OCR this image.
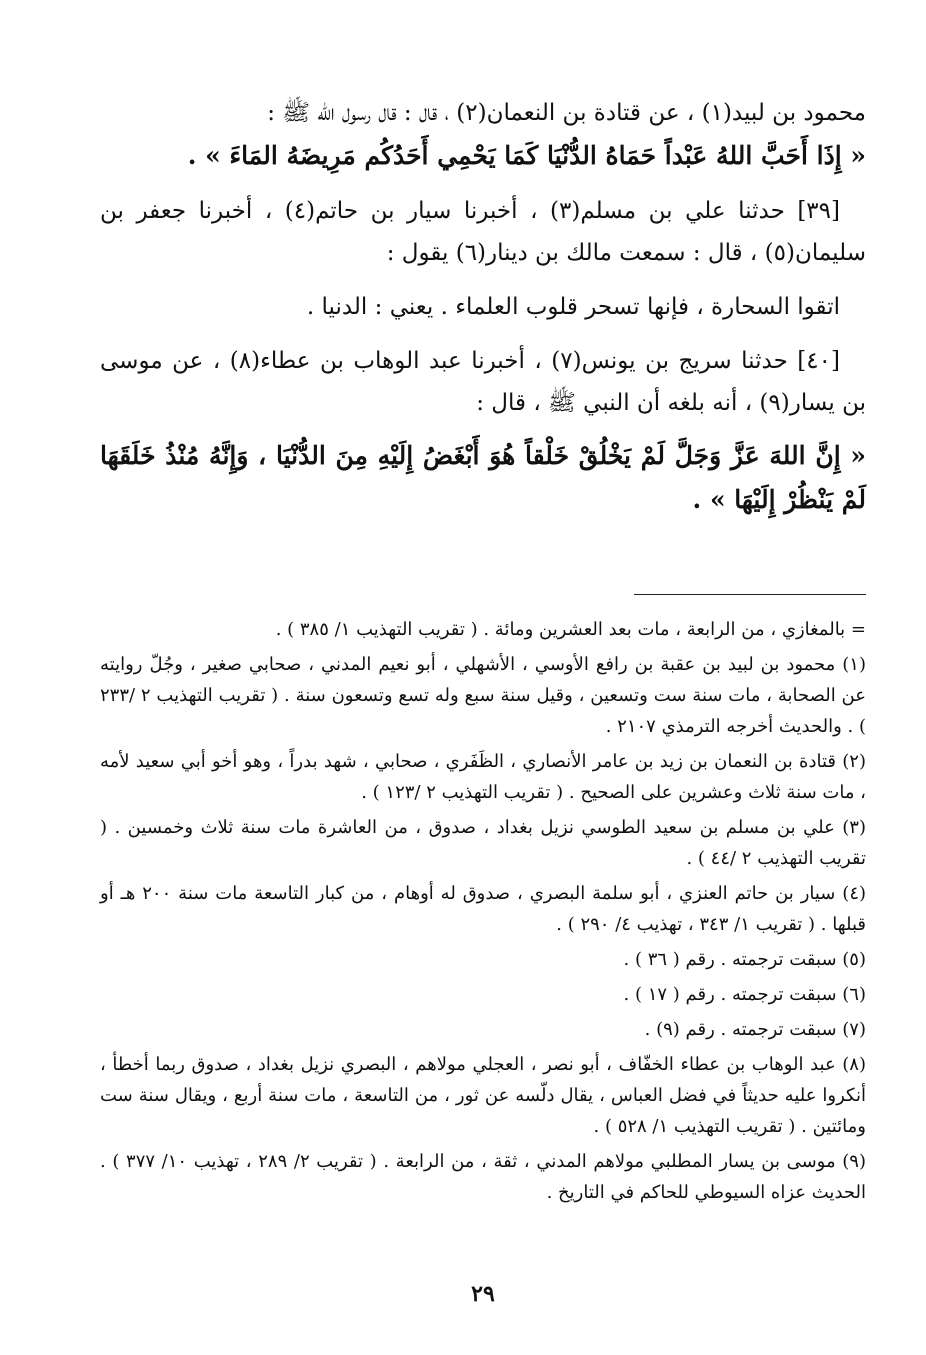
محمود بن لبيد(١) ، عن قتادة بن النعمان(٢) ، قال : قال رسول الله ﷺ :

« إِذَا أَحَبَّ اللهُ عَبْداً حَمَاهُ الدُّنْيَا كَمَا يَحْمِي أَحَدُكُم مَرِيضَهُ المَاءَ » .

[٣٩] حدثنا علي بن مسلم(٣) ، أخبرنا سيار بن حاتم(٤) ، أخبرنا جعفر بن سليمان(٥) ، قال : سمعت مالك بن دينار(٦) يقول :

اتقوا السحارة ، فإنها تسحر قلوب العلماء . يعني : الدنيا .

[٤٠] حدثنا سريج بن يونس(٧) ، أخبرنا عبد الوهاب بن عطاء(٨) ، عن موسى بن يسار(٩) ، أنه بلغه أن النبي ﷺ ، قال :

« إِنَّ اللهَ عَزَّ وَجَلَّ لَمْ يَخْلُقْ خَلْقاً هُوَ أَبْغَضُ إِلَيْهِ مِنَ الدُّنْيَا ، وَإِنَّهُ مُنْذُ خَلَقَهَا لَمْ يَنْظُرْ إِلَيْهَا » .

= بالمغازي ، من الرابعة ، مات بعد العشرين ومائة . ( تقريب التهذيب ١/ ٣٨٥ ) .

(١) محمود بن لبيد بن عقبة بن رافع الأوسي ، الأشهلي ، أبو نعيم المدني ، صحابي صغير ، وجُلّ روايته عن الصحابة ، مات سنة ست وتسعين ، وقيل سنة سبع وله تسع وتسعون سنة . ( تقريب التهذيب ٢ /٢٣٣ ) . والحديث أخرجه الترمذي ٢١٠٧ .

(٢) قتادة بن النعمان بن زيد بن عامر الأنصاري ، الظَفَري ، صحابي ، شهد بدراً ، وهو أخو أبي سعيد لأمه ، مات سنة ثلاث وعشرين على الصحيح . ( تقريب التهذيب ٢ /١٢٣ ) .

(٣) علي بن مسلم بن سعيد الطوسي نزيل بغداد ، صدوق ، من العاشرة مات سنة ثلاث وخمسين . ( تقريب التهذيب ٢ /٤٤ ) .

(٤) سيار بن حاتم العنزي ، أبو سلمة البصري ، صدوق له أوهام ، من كبار التاسعة مات سنة ٢٠٠ هـ أو قبلها . ( تقريب ١/ ٣٤٣ ، تهذيب ٤/ ٢٩٠ ) .

(٥) سبقت ترجمته . رقم ( ٣٦ ) .

(٦) سبقت ترجمته . رقم ( ١٧ ) .

(٧) سبقت ترجمته . رقم (٩) .

(٨) عبد الوهاب بن عطاء الخفّاف ، أبو نصر ، العجلي مولاهم ، البصري نزيل بغداد ، صدوق ربما أخطأ ، أنكروا عليه حديثاً في فضل العباس ، يقال دلّسه عن ثور ، من التاسعة ، مات سنة أربع ، ويقال سنة ست ومائتين . ( تقريب التهذيب ١/ ٥٢٨ ) .

(٩) موسى بن يسار المطلبي مولاهم المدني ، ثقة ، من الرابعة . ( تقريب ٢/ ٢٨٩ ، تهذيب ١٠/ ٣٧٧ ) . الحديث عزاه السيوطي للحاكم في التاريخ .

٢٩
